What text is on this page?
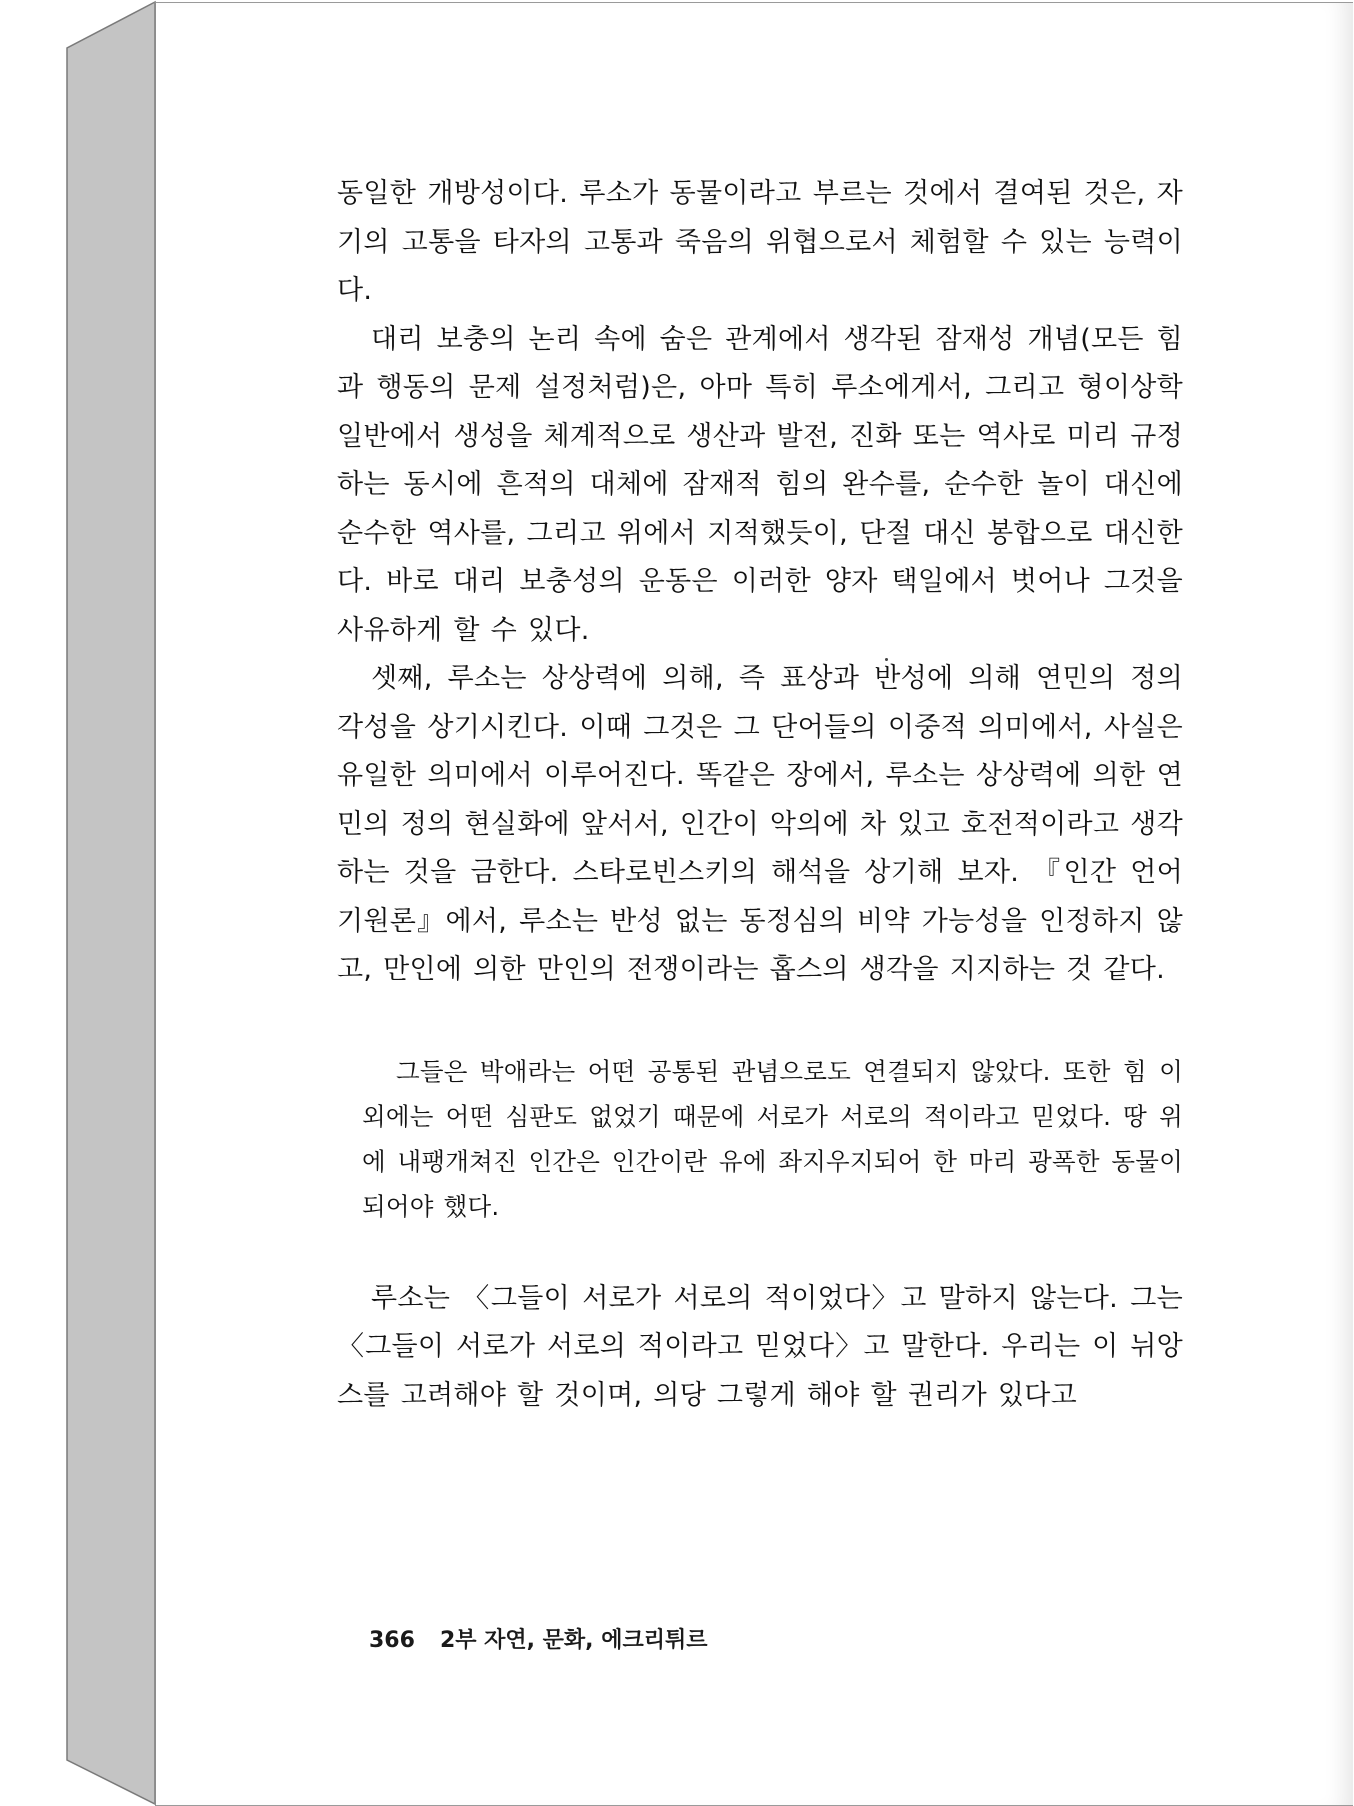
동일한 개방성이다. 루소가 동물이라고 부르는 것에서 결여된 것은, 자기의 고통을 타자의 고통과 죽음의 위협으로서 체험할 수 있는 능력이다.

대리 보충의 논리 속에 숨은 관계에서 생각된 잠재성 개념(모든 힘과 행동의 문제 설정처럼)은, 아마 특히 루소에게서, 그리고 형이상학 일반에서 생성을 체계적으로 생산과 발전, 진화 또는 역사로 미리 규정하는 동시에 흔적의 대체에 잠재적 힘의 완수를, 순수한 놀이 대신에 순수한 역사를, 그리고 위에서 지적했듯이, 단절 대신 봉합으로 대신한다. 바로 대리 보충성의 운동은 이러한 양자 택일에서 벗어나 그것을 사유하게 할 수 있다.

셋째, 루소는 상상력에 의해, 즉 표상과 반성에 의해 연민의 정의 각성을 상기시킨다. 이때 그것은 그 단어들의 이중적 의미에서, 사실은 유일한 의미에서 이루어진다. 똑같은 장에서, 루소는 상상력에 의한 연민의 정의 현실화에 앞서서, 인간이 악의에 차 있고 호전적이라고 생각하는 것을 금한다. 스타로빈스키의 해석을 상기해 보자. 『인간 언어 기원론』에서, 루소는 반성 없는 동정심의 비약 가능성을 인정하지 않고, 만인에 의한 만인의 전쟁이라는 홉스의 생각을 지지하는 것 같다.

그들은 박애라는 어떤 공통된 관념으로도 연결되지 않았다. 또한 힘 이외에는 어떤 심판도 없었기 때문에 서로가 서로의 적이라고 믿었다. 땅 위에 내팽개쳐진 인간은 인간이란 유에 좌지우지되어 한 마리 광폭한 동물이 되어야 했다.

루소는 〈그들이 서로가 서로의 적이었다〉고 말하지 않는다. 그는 〈그들이 서로가 서로의 적이라고 믿었다〉고 말한다. 우리는 이 뉘앙스를 고려해야 할 것이며, 의당 그렇게 해야 할 권리가 있다고

366 2부 자연, 문화, 에크리튀르
